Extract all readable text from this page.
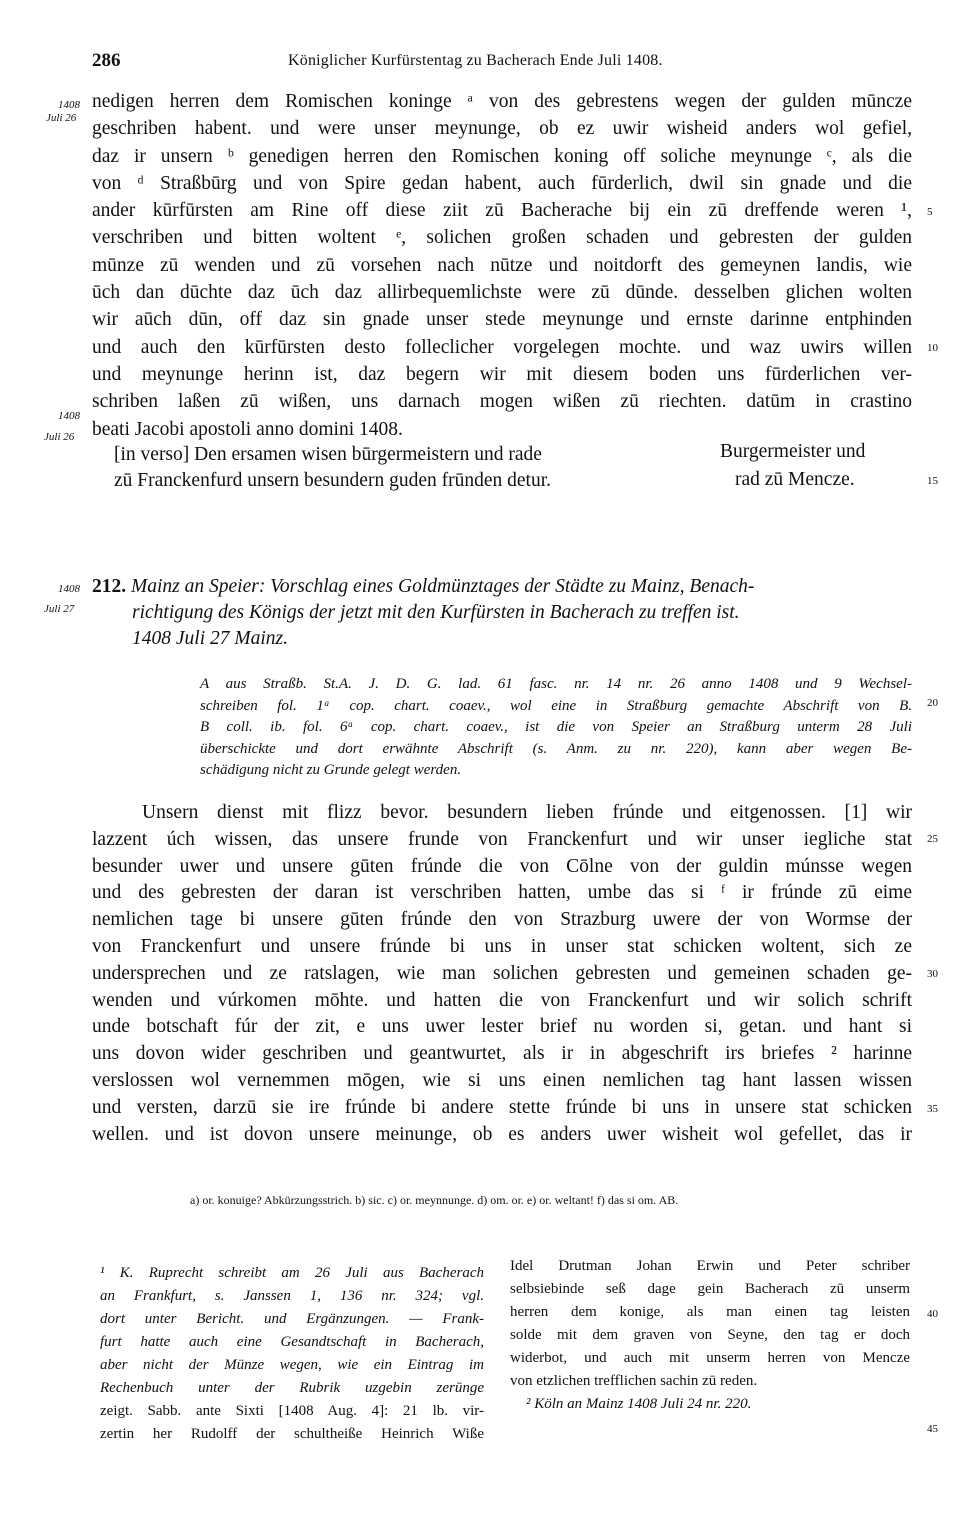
286	Königlicher Kurfürstentag zu Bacherach Ende Juli 1408.
1408
Juli 26
nedigen herren dem Romischen koninge ᵃ von des gebrestens wegen der gulden mūncze
geschriben habent. und were unser meynunge, ob ez uwir wisheid anders wol gefiel,
daz ir unsern ᵇ genedigen herren den Romischen koning off soliche meynunge ᶜ, als die
von ᵈ Straßbūrg und von Spire gedan habent, auch fūrderlich, dwil sin gnade und die
ander kūrfūrsten am Rine off diese ziit zū Bacherache bij ein zū dreffende weren ¹,
verschriben und bitten woltent ᵉ, solichen großen schaden und gebresten der gulden
mūnze zū wenden und zū vorsehen nach nūtze und noitdorft des gemeynen landis, wie
ūch dan dūchte daz ūch daz allirbequemlichste were zū dūnde. desselben glichen wolten
wir aūch dūn, off daz sin gnade unser stede meynunge und ernste darinne entphinden
und auch den kūrfūrsten desto folleclicher vorgelegen mochte. und waz uwirs willen
und meynunge herinn ist, daz begern wir mit diesem boden uns fūrderlichen ver-
schriben laßen zū wißen, uns darnach mogen wißen zū riechten. datūm in crastino
beati Jacobi apostoli anno domini 1408.
1408
Juli 26
[in verso] Den ersamen wisen būrgermeistern und rade
zū Franckenfurd unsern besundern guden frūnden detur.
Burgermeister und
rad zū Mencze.
5
10
15
20
25
30
35
40
45
1408
Juli 27
212. Mainz an Speier: Vorschlag eines Goldmünztages der Städte zu Mainz, Benach-
richtigung des Königs der jetzt mit den Kurfürsten in Bacherach zu treffen ist.
1408 Juli 27 Mainz.
A aus Straßb. St.A. J. D. G. lad. 61 fasc. nr. 14 nr. 26 anno 1408 und 9 Wechsel-
schreiben fol. 1ᵃ cop. chart. coaev., wol eine in Straßburg gemachte Abschrift von B.
B coll. ib. fol. 6ᵃ cop. chart. coaev., ist die von Speier an Straßburg unterm 28 Juli
überschickte und dort erwähnte Abschrift (s. Anm. zu nr. 220), kann aber wegen Be-
schädigung nicht zu Grunde gelegt werden.
Unsern dienst mit flizz bevor. besundern lieben frúnde und eitgenossen. [1] wir
lazzent úch wissen, das unsere frunde von Franckenfurt und wir unser iegliche stat
besunder uwer und unsere gūten frúnde die von Cōlne von der guldin múnsse wegen
und des gebresten der daran ist verschriben hatten, umbe das si ᶠ ir frúnde zū eime
nemlichen tage bi unsere gūten frúnde den von Strazburg uwere der von Wormse der
von Franckenfurt und unsere frúnde bi uns in unser stat schicken woltent, sich ze
undersprechen und ze ratslagen, wie man solichen gebresten und gemeinen schaden ge-
wenden und vúrkomen mōhte. und hatten die von Franckenfurt und wir solich schrift
unde botschaft fúr der zit, e uns uwer lester brief nu worden si, getan. und hant si
uns dovon wider geschriben und geantwurtet, als ir in abgeschrift irs briefes ² harinne
verslossen wol vernemmen mōgen, wie si uns einen nemlichen tag hant lassen wissen
und versten, darzū sie ire frúnde bi andere stette frúnde bi uns in unsere stat schicken
wellen. und ist dovon unsere meinunge, ob es anders uwer wisheit wol gefellet, das ir
a) or. konuige? Abkürzungsstrich. b) sic. c) or. meynnunge. d) om. or. e) or. weltant! f) das si om. AB.
¹ K. Ruprecht schreibt am 26 Juli aus Bacherach
an Frankfurt, s. Janssen 1, 136 nr. 324; vgl.
dort unter Bericht. und Ergänzungen. — Frank-
furt hatte auch eine Gesandtschaft in Bacherach,
aber nicht der Münze wegen, wie ein Eintrag im
Rechenbuch unter der Rubrik uzgebin zerūnge
zeigt. Sabb. ante Sixti [1408 Aug. 4]: 21 lb. vir-
zertin her Rudolff der schultheiße Heinrich Wiße
Idel Drutman Johan Erwin und Peter schriber
selbsiebinde seß dage gein Bacherach zū unserm
herren dem konige, als man einen tag leisten
solde mit dem graven von Seyne, den tag er doch
widerbot, und auch mit unserm herren von Mencze
von etzlichen trefflichen sachin zū reden.
² Köln an Mainz 1408 Juli 24 nr. 220.
